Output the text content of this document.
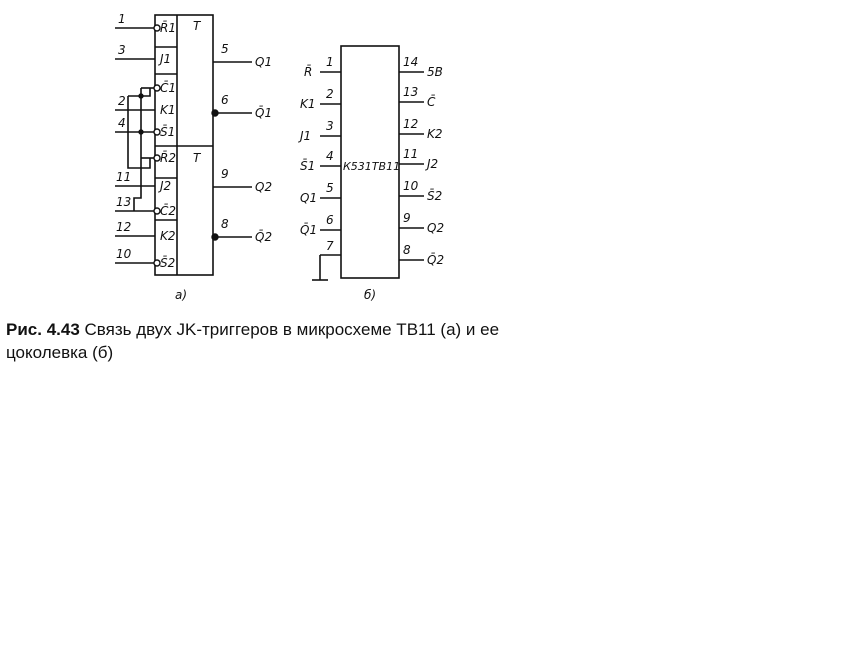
T
T
R̄1
J1
C̄1
K1
S̄1
R̄2
J2
C̄2
K2
S̄2
1
3
2
4
11
13
12
10
5
6
9
8
Q1
Q̄1
Q2
Q̄2
а)
К531ТВ11
R̄
K1
J1
S̄1
Q1
Q̄1
1
2
3
4
5
6
7
14
13
12
11
10
9
8
5В
C̄
K2
J2
S̄2
Q2
Q̄2
б)
Рис. 4.43 Связь двух JK-триггеров в микросхеме ТВ11 (а) и ее цоколевка (б)
